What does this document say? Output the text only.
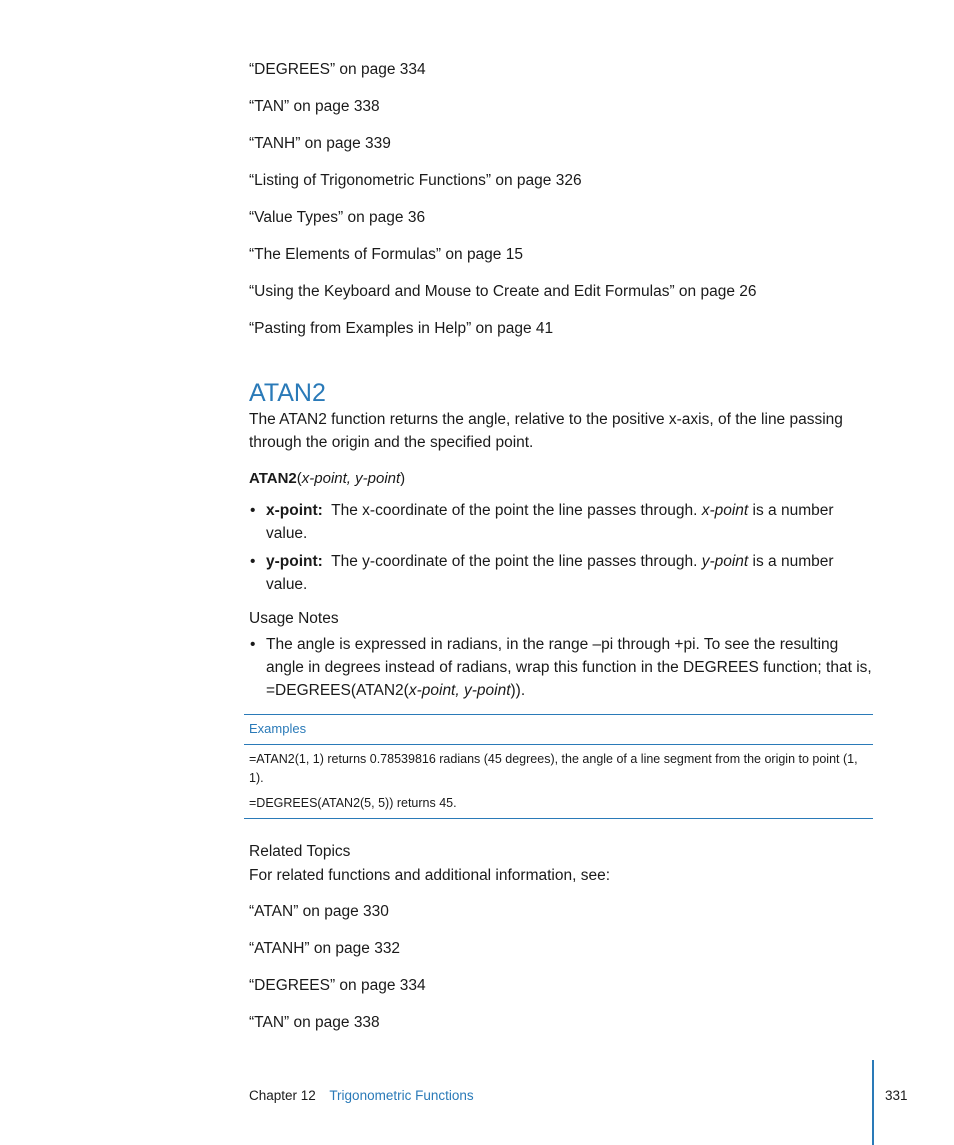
“DEGREES” on page 334
“TAN” on page 338
“TANH” on page 339
“Listing of Trigonometric Functions” on page 326
“Value Types” on page 36
“The Elements of Formulas” on page 15
“Using the Keyboard and Mouse to Create and Edit Formulas” on page 26
“Pasting from Examples in Help” on page 41
ATAN2

The ATAN2 function returns the angle, relative to the positive x-axis, of the line passing through the origin and the specified point.

ATAN2(x-point, y-point)
• x-point: The x-coordinate of the point the line passes through. x-point is a number value.
• y-point: The y-coordinate of the point the line passes through. y-point is a number value.
Usage Notes
• The angle is expressed in radians, in the range –pi through +pi. To see the resulting angle in degrees instead of radians, wrap this function in the DEGREES function; that is, =DEGREES(ATAN2(x-point, y-point)).
Examples
=ATAN2(1, 1) returns 0.78539816 radians (45 degrees), the angle of a line segment from the origin to point (1, 1).
=DEGREES(ATAN2(5, 5)) returns 45.
Related Topics

For related functions and additional information, see:

“ATAN” on page 330
“ATANH” on page 332
“DEGREES” on page 334
“TAN” on page 338
Chapter 12 Trigonometric Functions	331
